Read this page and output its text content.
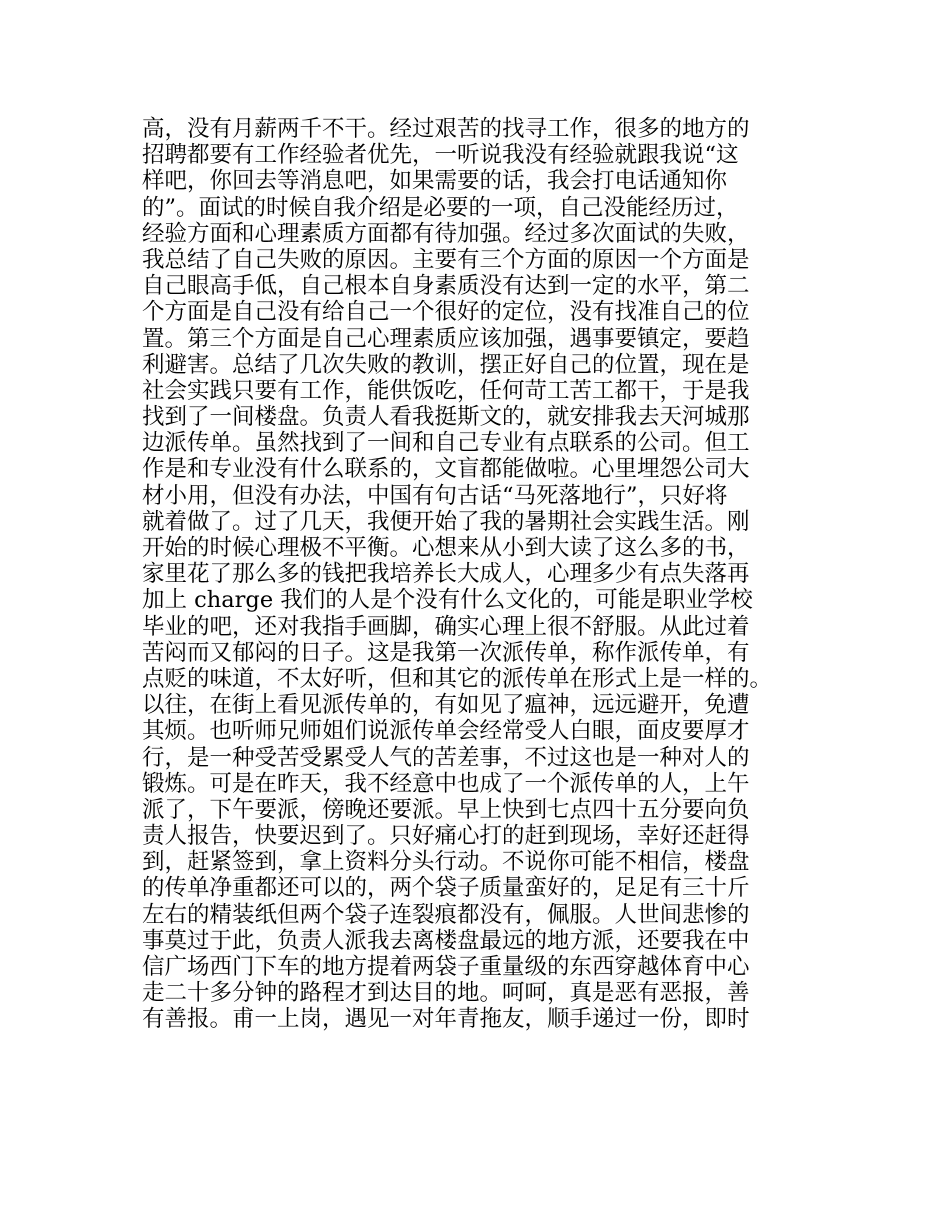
高，没有月薪两千不干。经过艰苦的找寻工作，很多的地方的
招聘都要有工作经验者优先，一听说我没有经验就跟我说“这
样吧，你回去等消息吧，如果需要的话，我会打电话通知你
的”。面试的时候自我介绍是必要的一项，自己没能经历过，
经验方面和心理素质方面都有待加强。经过多次面试的失败，
我总结了自己失败的原因。主要有三个方面的原因一个方面是
自己眼高手低，自己根本自身素质没有达到一定的水平，第二
个方面是自己没有给自己一个很好的定位，没有找准自己的位
置。第三个方面是自己心理素质应该加强，遇事要镇定，要趋
利避害。总结了几次失败的教训，摆正好自己的位置，现在是
社会实践只要有工作，能供饭吃，任何苛工苦工都干，于是我
找到了一间楼盘。负责人看我挺斯文的，就安排我去天河城那
边派传单。虽然找到了一间和自己专业有点联系的公司。但工
作是和专业没有什么联系的，文盲都能做啦。心里埋怨公司大
材小用，但没有办法，中国有句古话“马死落地行”，只好将
就着做了。过了几天，我便开始了我的暑期社会实践生活。刚
开始的时候心理极不平衡。心想来从小到大读了这么多的书，
家里花了那么多的钱把我培养长大成人，心理多少有点失落再
加上 charge 我们的人是个没有什么文化的，可能是职业学校
毕业的吧，还对我指手画脚，确实心理上很不舒服。从此过着
苦闷而又郁闷的日子。这是我第一次派传单，称作派传单，有
点贬的味道，不太好听，但和其它的派传单在形式上是一样的。
以往，在街上看见派传单的，有如见了瘟神，远远避开，免遭
其烦。也听师兄师姐们说派传单会经常受人白眼，面皮要厚才
行，是一种受苦受累受人气的苦差事，不过这也是一种对人的
锻炼。可是在昨天，我不经意中也成了一个派传单的人，上午
派了，下午要派，傍晚还要派。早上快到七点四十五分要向负
责人报告，快要迟到了。只好痛心打的赶到现场，幸好还赶得
到，赶紧签到，拿上资料分头行动。不说你可能不相信，楼盘
的传单净重都还可以的，两个袋子质量蛮好的，足足有三十斤
左右的精装纸但两个袋子连裂痕都没有，佩服。人世间悲惨的
事莫过于此，负责人派我去离楼盘最远的地方派，还要我在中
信广场西门下车的地方提着两袋子重量级的东西穿越体育中心
走二十多分钟的路程才到达目的地。呵呵，真是恶有恶报，善
有善报。甫一上岗，遇见一对年青拖友，顺手递过一份，即时
